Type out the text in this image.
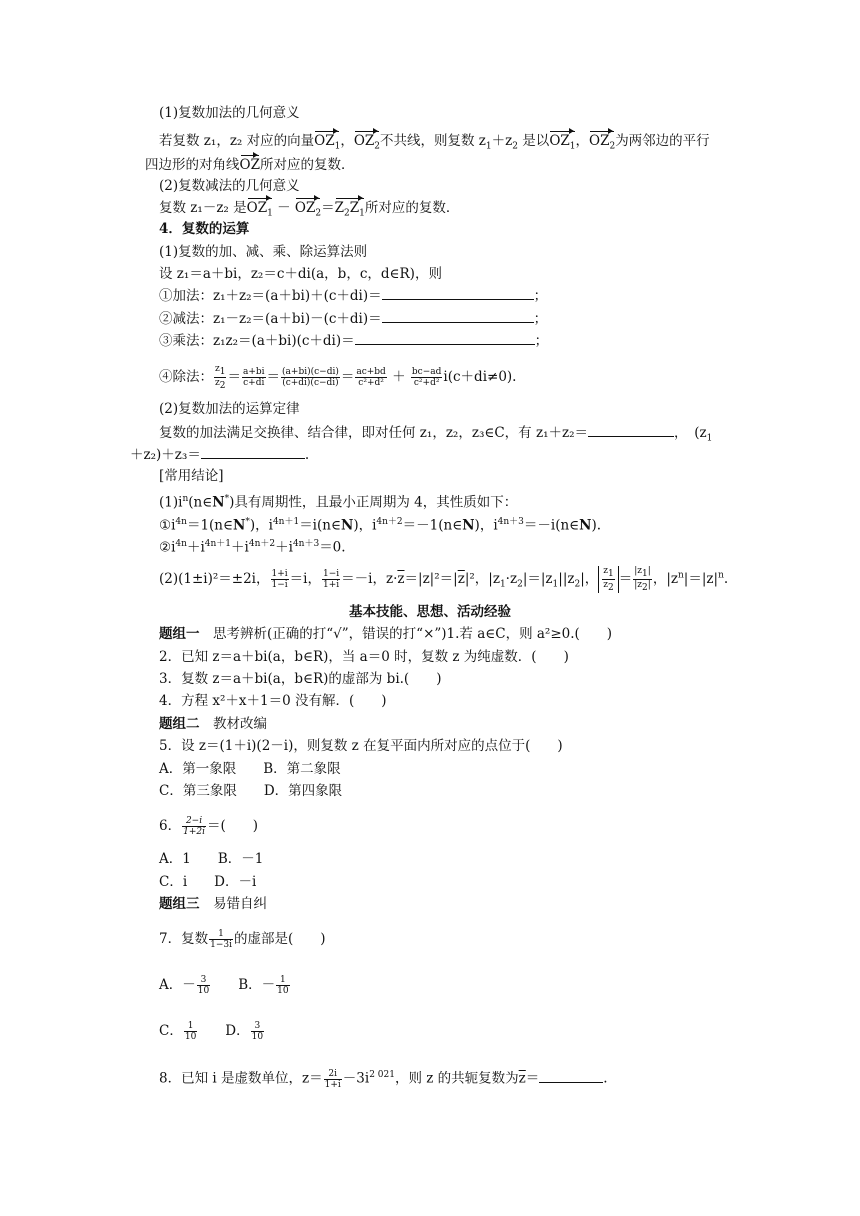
(1)复数加法的几何意义
若复数 z₁，z₂ 对应的向量$OZ_1$，$OZ_2$不共线，则复数 $z_1+z_2$ 是以$OZ_1$，$OZ_2$为两邻边的平行
四边形的对角线OZ所对应的复数．
(2)复数减法的几何意义
复数 z₁－z₂ 是$OZ_1 - OZ_2=Z_2Z_1$所对应的复数．
4．复数的运算
(1)复数的加、减、乘、除运算法则
设 z₁＝a＋bi，z₂＝c＋di(a，b，c，d∈R)，则
①加法：z₁＋z₂＝(a＋bi)＋(c＋di)＝	；
②减法：z₁－z₂＝(a＋bi)－(c＋di)＝	；
③乘法：z₁z₂＝(a＋bi)(c＋di)＝	；
④除法： $\frac{z_1}{z_2} = \frac{a+bi}{c+di} = \frac{(a+bi)(c-di)}{(c+di)(c-di)} = \frac{ac+bd}{\text{c²+d²}} + \frac{bc-ad}{\text{c²+d²}} i(c+di\ne 0)$.
(2)复数加法的运算定律
复数的加法满足交换律、结合律，即对任何 z₁，z₂，z₃∈C，有 z₁＋z₂＝	，　($z_1$
＋z₂)＋z₃＝	.
[常用结论]
$(1)i^n(n\in N^*)$具有周期性，且最小正周期为 4，其性质如下：
$①i^{4n}=1(n\in N^*)$，$i^{4n+1}=i(n\in N)$，$i^{4n+2}=-1(n\in N)$，$i^{4n+3}=-i(n\in N)$.
$②i^{4n}+i^{4n+1}+i^{4n+2}+i^{4n+3}=0$.
(2)(1±i)²＝±2i， $\frac{1+i}{1-i} =i$， $\frac{1-i}{1+i} =-i$，$z\cdot\overline{z}=|z|^2=|\overline{z}|^2$，$|z_1\cdot z_2|=|z_1||z_2|$， $\frac{z_1}{z_2} = \frac{|z_1|}{|z_2|}$ ，$|z^n|=|z|^n$.
基本技能、思想、活动经验
题组一　 思考辨析(正确的打“√”，错误的打“×”)1.若 a∈C，则 a²≥0.(　　)
2．已知 z＝a＋bi(a，b∈R)，当 a＝0 时，复数 z 为纯虚数．(　　)
3．复数 z＝a＋bi(a，b∈R)的虚部为 bi.(　　)
4．方程 x²＋x＋1＝0 没有解．(　　)
题组二　 教材改编
5．设 z＝(1＋i)(2－i)，则复数 z 在复平面内所对应的点位于(　　)
A．第一象限　　B．第二象限
C．第三象限　　D．第四象限
6． $\frac{2-i}{1+2i}$ ＝(　　)
A．1　　B．－1
C．i　　D．－i
题组三　 易错自纠
7．复数 $\frac{1}{1-3i}$ 的虚部是(　　)
A．－ $\frac{3}{10}$ 　　B．－ $\frac{1}{10}$
C． $\frac{1}{10}$ 　　D． $\frac{3}{10}$
8．已知 i 是虚数单位，$z= \frac{2i}{1+i} -3i^{2 021}$，则 z 的共轭复数为$\overline{z}=$	.
